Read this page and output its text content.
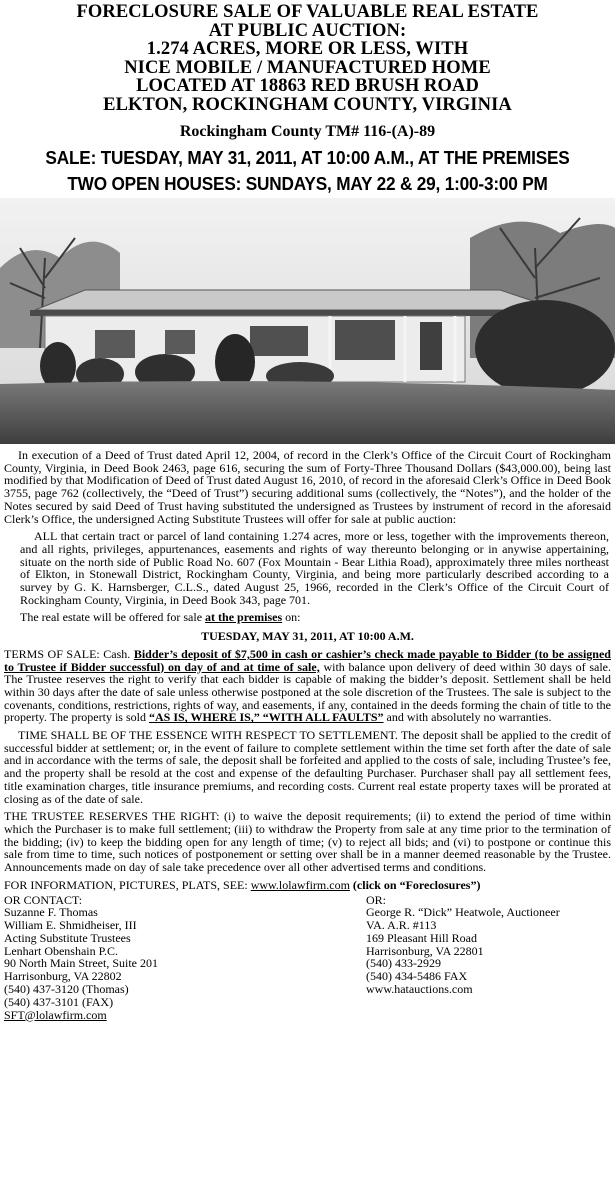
FORECLOSURE SALE OF VALUABLE REAL ESTATE
AT PUBLIC AUCTION:
1.274 ACRES, MORE OR LESS, WITH
NICE MOBILE / MANUFACTURED HOME
LOCATED AT 18863 RED BRUSH ROAD
ELKTON, ROCKINGHAM COUNTY, VIRGINIA
Rockingham County TM# 116-(A)-89
SALE: TUESDAY, MAY 31, 2011, AT 10:00 A.M., AT THE PREMISES
TWO OPEN HOUSES: SUNDAYS, MAY 22 & 29, 1:00-3:00 PM

In execution of a Deed of Trust dated April 12, 2004, of record in the Clerk’s Office of the Circuit Court of Rockingham County, Virginia, in Deed Book 2463, page 616, securing the sum of Forty-Three Thousand Dollars ($43,000.00), being last modified by that Modification of Deed of Trust dated August 16, 2010, of record in the aforesaid Clerk’s Office in Deed Book 3755, page 762 (collectively, the “Deed of Trust”) securing additional sums (collectively, the “Notes”), and the holder of the Notes secured by said Deed of Trust having substituted the undersigned as Trustees by instrument of record in the aforesaid Clerk’s Office, the undersigned Acting Substitute Trustees will offer for sale at public auction:

ALL that certain tract or parcel of land containing 1.274 acres, more or less, together with the improvements thereon, and all rights, privileges, appurtenances, easements and rights of way thereunto belonging or in anywise appertaining, situate on the north side of Public Road No. 607 (Fox Mountain - Bear Lithia Road), approximately three miles northeast of Elkton, in Stonewall District, Rockingham County, Virginia, and being more particularly described according to a survey by G. K. Harnsberger, C.L.S., dated August 25, 1966, recorded in the Clerk’s Office of the Circuit Court of Rockingham County, Virginia, in Deed Book 343, page 701.

The real estate will be offered for sale at the premises on:

TUESDAY, MAY 31, 2011, AT 10:00 A.M.

TERMS OF SALE: Cash. Bidder’s deposit of $7,500 in cash or cashier’s check made payable to Bidder (to be assigned to Trustee if Bidder successful) on day of and at time of sale, with balance upon delivery of deed within 30 days of sale. The Trustee reserves the right to verify that each bidder is capable of making the bidder’s deposit. Settlement shall be held within 30 days after the date of sale unless otherwise postponed at the sole discretion of the Trustees. The sale is subject to the covenants, conditions, restrictions, rights of way, and easements, if any, contained in the deeds forming the chain of title to the property. The property is sold “AS IS, WHERE IS,” “WITH ALL FAULTS” and with absolutely no warranties.

TIME SHALL BE OF THE ESSENCE WITH RESPECT TO SETTLEMENT. The deposit shall be applied to the credit of successful bidder at settlement; or, in the event of failure to complete settlement within the time set forth after the date of sale and in accordance with the terms of sale, the deposit shall be forfeited and applied to the costs of sale, including Trustee’s fee, and the property shall be resold at the cost and expense of the defaulting Purchaser. Purchaser shall pay all settlement fees, title examination charges, title insurance premiums, and recording costs. Current real estate property taxes will be prorated at closing as of the date of sale.

THE TRUSTEE RESERVES THE RIGHT: (i) to waive the deposit requirements; (ii) to extend the period of time within which the Purchaser is to make full settlement; (iii) to withdraw the Property from sale at any time prior to the termination of the bidding; (iv) to keep the bidding open for any length of time; (v) to reject all bids; and (vi) to postpone or continue this sale from time to time, such notices of postponement or setting over shall be in a manner deemed reasonable by the Trustee. Announcements made on day of sale take precedence over all other advertised terms and conditions.

FOR INFORMATION, PICTURES, PLATS, SEE: www.lolawfirm.com (click on “Foreclosures”)

OR CONTACT:
Suzanne F. Thomas
William E. Shmidheiser, III
Acting Substitute Trustees
Lenhart Obenshain P.C.
90 North Main Street, Suite 201
Harrisonburg, VA 22802
(540) 437-3120 (Thomas)
(540) 437-3101 (FAX)
SFT@lolawfirm.com
OR:
George R. “Dick” Heatwole, Auctioneer
VA. A.R. #113
169 Pleasant Hill Road
Harrisonburg, VA 22801
(540) 433-2929
(540) 434-5486 FAX
www.hatauctions.com
